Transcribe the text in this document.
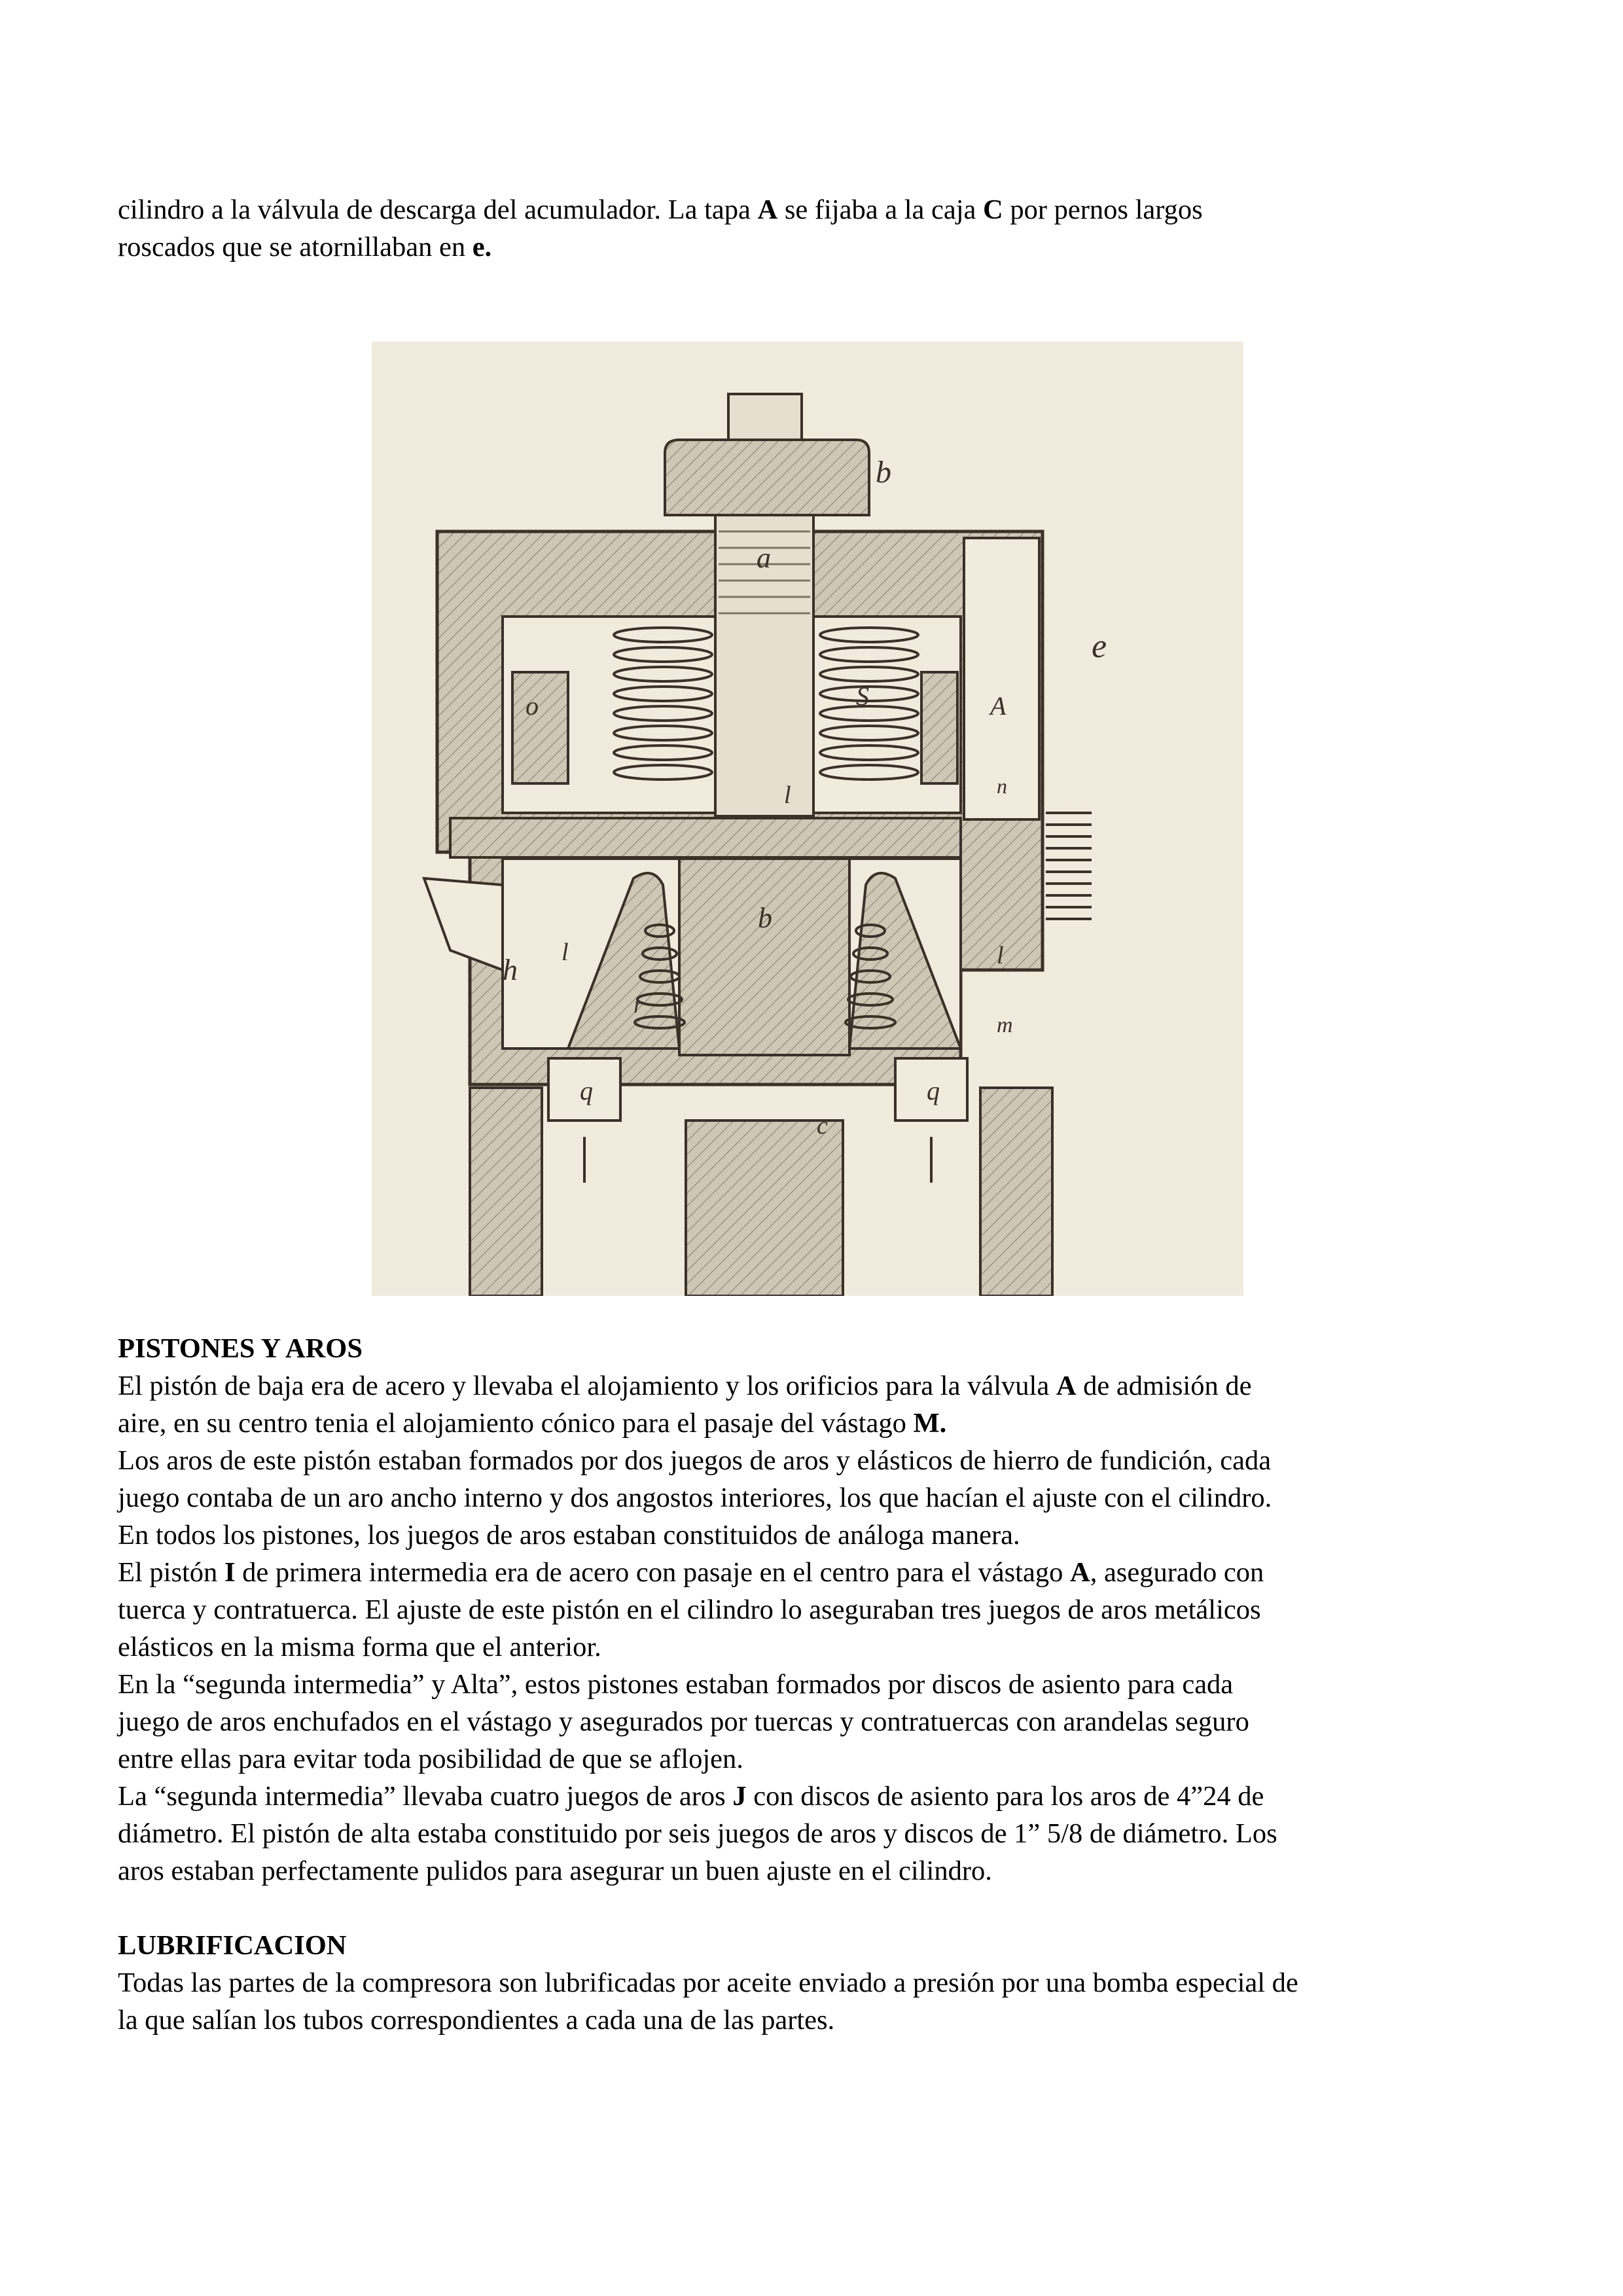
cilindro a la válvula de descarga del acumulador. La tapa A se fijaba a la caja C por pernos largos
roscados que se atornillaban en e.
b
a
e
S
o	A
n
l
b
h
l	l
r
m
q	q
c

PISTONES Y AROS

El pistón de baja era de acero y llevaba el alojamiento y los orificios para la válvula A de admisión de

aire, en su centro tenia el alojamiento cónico para el pasaje del vástago M.

Los aros de este pistón estaban formados por dos juegos de aros y elásticos de hierro de fundición, cada

juego contaba de un aro ancho interno y dos angostos interiores, los que hacían el ajuste con el cilindro.

En todos los pistones, los juegos de aros estaban constituidos de análoga manera.

El pistón I de primera intermedia era de acero con pasaje en el centro para el vástago A, asegurado con

tuerca y contratuerca. El ajuste de este pistón en el cilindro lo aseguraban tres juegos de aros metálicos

elásticos en la misma forma que el anterior.

En la “segunda intermedia” y Alta”, estos pistones estaban formados por discos de asiento para cada

juego de aros enchufados en el vástago y asegurados por tuercas y contratuercas con arandelas seguro

entre ellas para evitar toda posibilidad de que se aflojen.

La “segunda intermedia” llevaba cuatro juegos de aros J con discos de asiento para los aros de 4”24 de

diámetro. El pistón de alta estaba constituido por seis juegos de aros y discos de 1” 5/8 de diámetro. Los

aros estaban perfectamente pulidos para asegurar un buen ajuste en el cilindro.

LUBRIFICACION

Todas las partes de la compresora son lubrificadas por aceite enviado a presión por una bomba especial de

la que salían los tubos correspondientes a cada una de las partes.
